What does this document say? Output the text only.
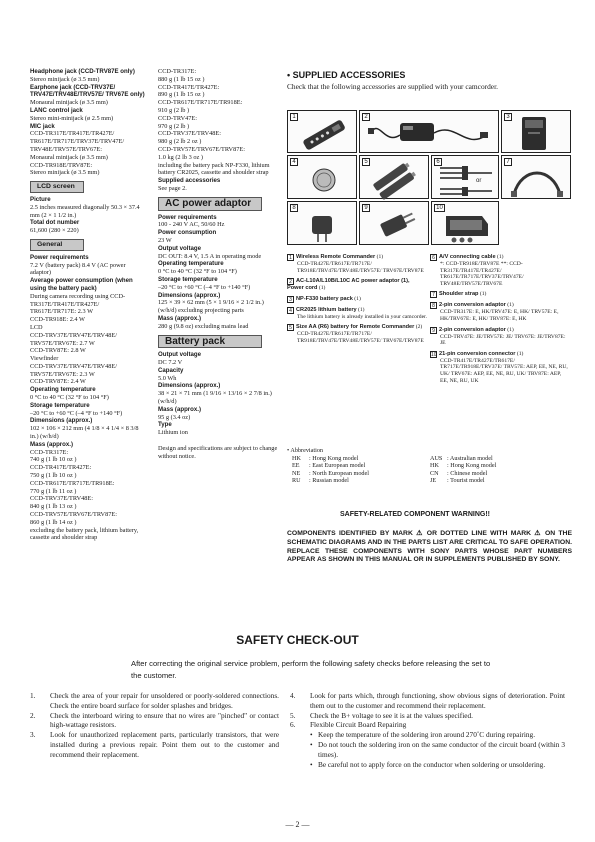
Headphone jack (CCD-TRV87E only)
Stereo minijack (ø 3.5 mm)
Earphone jack (CCD-TRV37E/ TRV47E/TRV48E/TRV57E/ TRV67E only)
Monaural minijack (ø 3.5 mm)
LANC control jack
Stereo mini-minijack (ø 2.5 mm)
MIC jack
CCD-TR317E/TR417E/TR427E/ TR617E/TR717E/TRV37E/TRV47E/ TRV48E/TRV57E/TRV67E:
Monaural minijack (ø 3.5 mm)
CCD-TR918E/TRV87E:
Stereo minijack (ø 3.5 mm)
LCD screen
Picture
2.5 inches measured diagonally 50.3 × 37.4 mm (2 × 1 1/2 in.)
Total dot number
61,600 (280 × 220)
General
Power requirements
7.2 V (battery pack) 8.4 V (AC power adaptor)
Average power consumption (when using the battery pack)
During camera recording using CCD-TR317E/TR417E/TR427E/ TR617E/TR717E: 2.3 W
CCD-TR918E: 2.4 W
LCD
CCD-TRV37E/TRV47E/TRV48E/ TRV57E/TRV67E: 2.7 W
CCD-TRV87E: 2.8 W
Viewfinder
CCD-TRV37E/TRV47E/TRV48E/ TRV57E/TRV67E: 2.3 W
CCD-TRV87E: 2.4 W
Operating temperature
0 °C to 40 °C (32 °F to 104 °F)
Storage temperature
–20 °C to +60 °C (–4 °F to +140 °F)
Dimensions (approx.)
102 × 106 × 212 mm (4 1/8 × 4 1/4 × 8 3/8 in.) (w/h/d)
Mass (approx.)
CCD-TR317E:
740 g (1 lb 10 oz )
CCD-TR417E/TR427E:
750 g (1 lb 10 oz )
CCD-TR617E/TR717E/TR918E:
770 g (1 lb 11 oz )
CCD-TRV37E/TRV48E:
840 g (1 lb 13 oz )
CCD-TRV57E/TRV67E/TRV87E:
860 g (1 lb 14 oz )
excluding the battery pack, lithium battery, cassette and shoulder strap
CCD-TR317E:
880 g (1 lb 15 oz )
CCD-TR417E/TR427E:
890 g (1 lb 15 oz )
CCD-TR617E/TR717E/TR918E:
910 g (2 lb )
CCD-TRV47E:
970 g (2 lb )
CCD-TRV37E/TRV48E:
980 g (2 lb 2 oz )
CCD-TRV57E/TRV67E/TRV87E:
1.0 kg (2 lb 3 oz )
including the battery pack NP-F330, lithium battery CR2025, cassette and shoulder strap
Supplied accessories
See page 2.
AC power adaptor
Power requirements
100 - 240 V AC, 50/60 Hz
Power consumption
23 W
Output voltage
DC OUT: 8.4 V, 1.5 A in operating mode
Operating temperature
0 °C to 40 °C (32 °F to 104 °F)
Storage temperature
–20 °C to +60 °C (–4 °F to +140 °F)
Dimensions (approx.)
125 × 39 × 62 mm (5 × 1 9/16 × 2 1/2 in.) (w/h/d) excluding projecting parts
Mass (approx.)
280 g (9.8 oz) excluding mains lead
Battery pack
Output voltage
DC 7.2 V
Capacity
5.0 Wh
Dimensions (approx.)
38 × 21 × 71 mm (1 9/16 × 13/16 × 2 7/8 in.) (w/h/d)
Mass (approx.)
95 g (3.4 oz)
Type
Lithium ion
Design and specifications are subject to change without notice.
• SUPPLIED ACCESSORIES
Check that the following accessories are supplied with your camcorder.
1	2	3
4	5	6
or
7
8	9	10
1 Wireless Remote Commander (1)
CCD-TR427E/TR617E/TR717E/ TR918E/TRV47E/TRV48E/TRV57E/ TRV67E/TRV87E
2 AC-L10A/L10B/L10C AC power adaptor (1), Power cord (1)
3 NP-F330 battery pack (1)
4 CR2025 lithium battery (1)
The lithium battery is already installed in your camcorder.
5 Size AA (R6) battery for Remote Commander (2)
CCD-TR427E/TR617E/TR717E/ TR918E/TRV47E/TRV48E/TRV57E/ TRV67E/TRV87E
6 A/V connecting cable (1)
*: CCD-TR918E/TRV87E **: CCD-TR317E/TR417E/TR427E/ TR617E/TR717E/TRV37E/TRV47E/ TRV48E/TRV57E/TRV67E
7 Shoulder strap (1)
8 2-pin conversion adaptor (1)
CCD-TR317E: E, HK/TRV47E: E, HK/ TRV57E: E, HK/TRV67E: E, HK/ TRV87E: E, HK
9 2-pin conversion adaptor (1)
CCD-TRV47E: JE/TRV57E: JE/ TRV67E: JE/TRV87E: JE
10 21-pin conversion connector (1)
CCD-TR417E/TR427E/TR617E/ TR717E/TR918E/TRV37E/ TRV57E: AEP, EE, NE, RU, UK/ TRV67E: AEP, EE, NE, RU, UK/ TRV87E: AEP, EE, NE, RU, UK
• Abbreviation
HK	: Hong Kong model	AUS : Australian model
EE	: East European model	HK	: Hong Kong model
NE	: North European model	CN	: Chinese model
RU	: Russian model	JE	: Tourist model
SAFETY-RELATED COMPONENT WARNING!!
COMPONENTS IDENTIFIED BY MARK ⚠ OR DOTTED LINE WITH MARK ⚠ ON THE SCHEMATIC DIAGRAMS AND IN THE PARTS LIST ARE CRITICAL TO SAFE OPERATION. REPLACE THESE COMPONENTS WITH SONY PARTS WHOSE PART NUMBERS APPEAR AS SHOWN IN THIS MANUAL OR IN SUPPLEMENTS PUBLISHED BY SONY.
SAFETY CHECK-OUT
After correcting the original service problem, perform the following safety checks before releasing the set to the customer.
1.	Check the area of your repair for unsoldered or poorly-soldered connections. Check the entire board surface for solder splashes and bridges.
2.	Check the interboard wiring to ensure that no wires are "pinched" or contact high-wattage resistors.
3.	Look for unauthorized replacement parts, particularly transistors, that were installed during a previous repair. Point them out to the customer and recommend their replacement.
4.	Look for parts which, through functioning, show obvious signs of deterioration. Point them out to the customer and recommend their replacement.
5.	Check the B+ voltage to see it is at the values specified.
6.	Flexible Circuit Board Repairing
• Keep the temperature of the soldering iron around 270˚C during repairing.
• Do not touch the soldering iron on the same conductor of the circuit board (within 3 times).
• Be careful not to apply force on the conductor when soldering or unsoldering.
— 2 —
